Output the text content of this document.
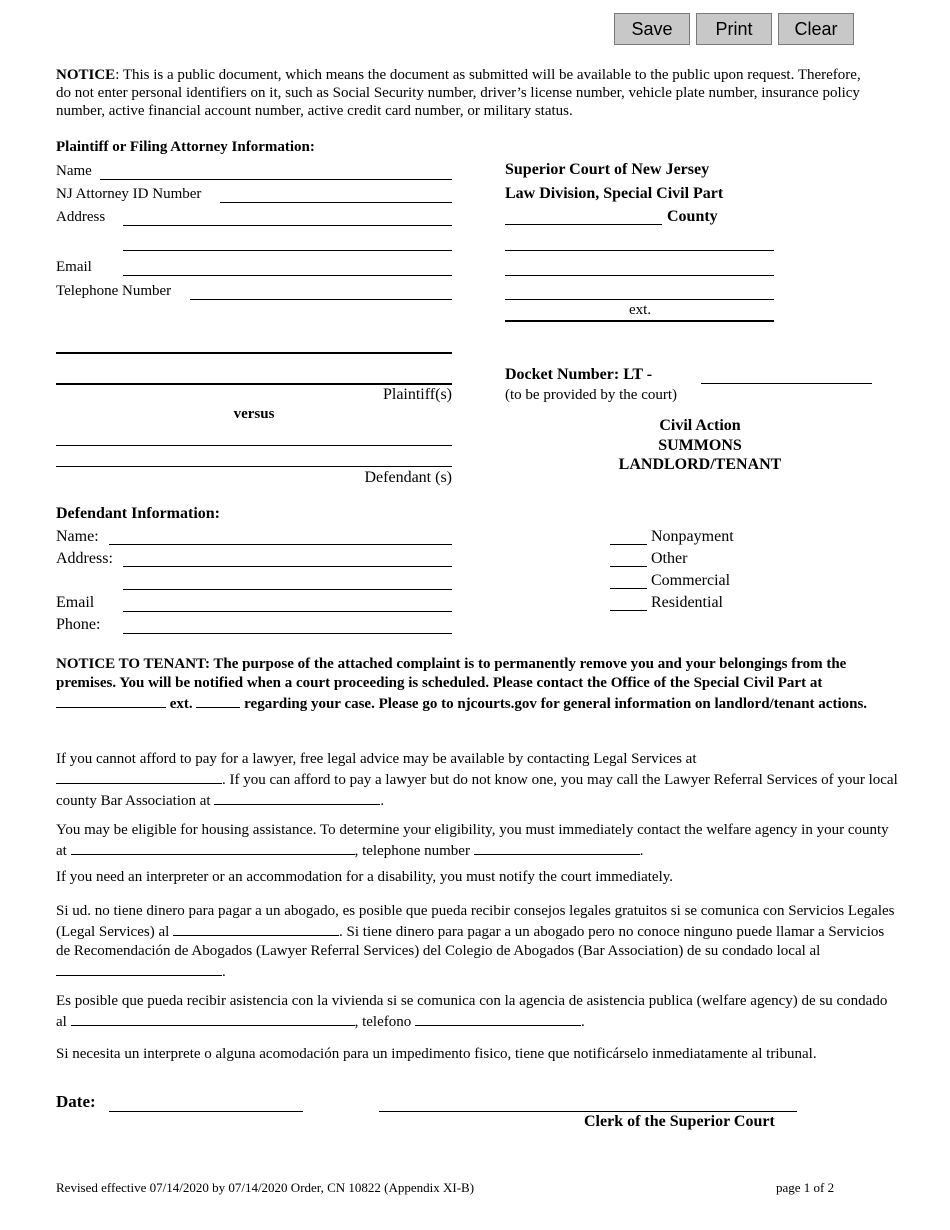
Save	Print	Clear
NOTICE: This is a public document, which means the document as submitted will be available to the public upon request. Therefore, do not enter personal identifiers on it, such as Social Security number, driver’s license number, vehicle plate number, insurance policy number, active financial account number, active credit card number, or military status.
Plaintiff or Filing Attorney Information:
Name
NJ Attorney ID Number
Address
Email
Telephone Number
Plaintiff(s)
versus
Defendant (s)
Superior Court of New Jersey
Law Division, Special Civil Part
County
ext.
Docket Number: LT -
(to be provided by the court)
Civil Action
SUMMONS
LANDLORD/TENANT
Defendant Information:
Name:
Address:
Email
Phone:
Nonpayment
Other
Commercial
Residential
NOTICE TO TENANT: The purpose of the attached complaint is to permanently remove you and your belongings from the premises. You will be notified when a court proceeding is scheduled. Please contact the Office of the Special Civil Part at  ext.	regarding your case. Please go to njcourts.gov for general information on landlord/tenant actions.
If you cannot afford to pay for a lawyer, free legal advice may be available by contacting Legal Services at
. If you can afford to pay a lawyer but do not know one, you may call the Lawyer Referral Services of your local county Bar Association at	.
You may be eligible for housing assistance. To determine your eligibility, you must immediately contact the welfare agency in your county at	, telephone number	.
If you need an interpreter or an accommodation for a disability, you must notify the court immediately.
Si ud. no tiene dinero para pagar a un abogado, es posible que pueda recibir consejos legales gratuitos si se comunica con Servicios Legales (Legal Services) al	. Si tiene dinero para pagar a un abogado pero no conoce ninguno puede llamar a Servicios de Recomendación de Abogados (Lawyer Referral Services) del Colegio de Abogados (Bar Association) de su condado local al .
Es posible que pueda recibir asistencia con la vivienda si se comunica con la agencia de asistencia publica (welfare agency) de su condado al	, telefono	.
Si necesita un interprete o alguna acomodación para un impedimento fisico, tiene que notificárselo inmediatamente al tribunal.
Date:
Clerk of the Superior Court
Revised effective 07/14/2020 by 07/14/2020 Order, CN 10822 (Appendix XI-B)	page 1 of 2
